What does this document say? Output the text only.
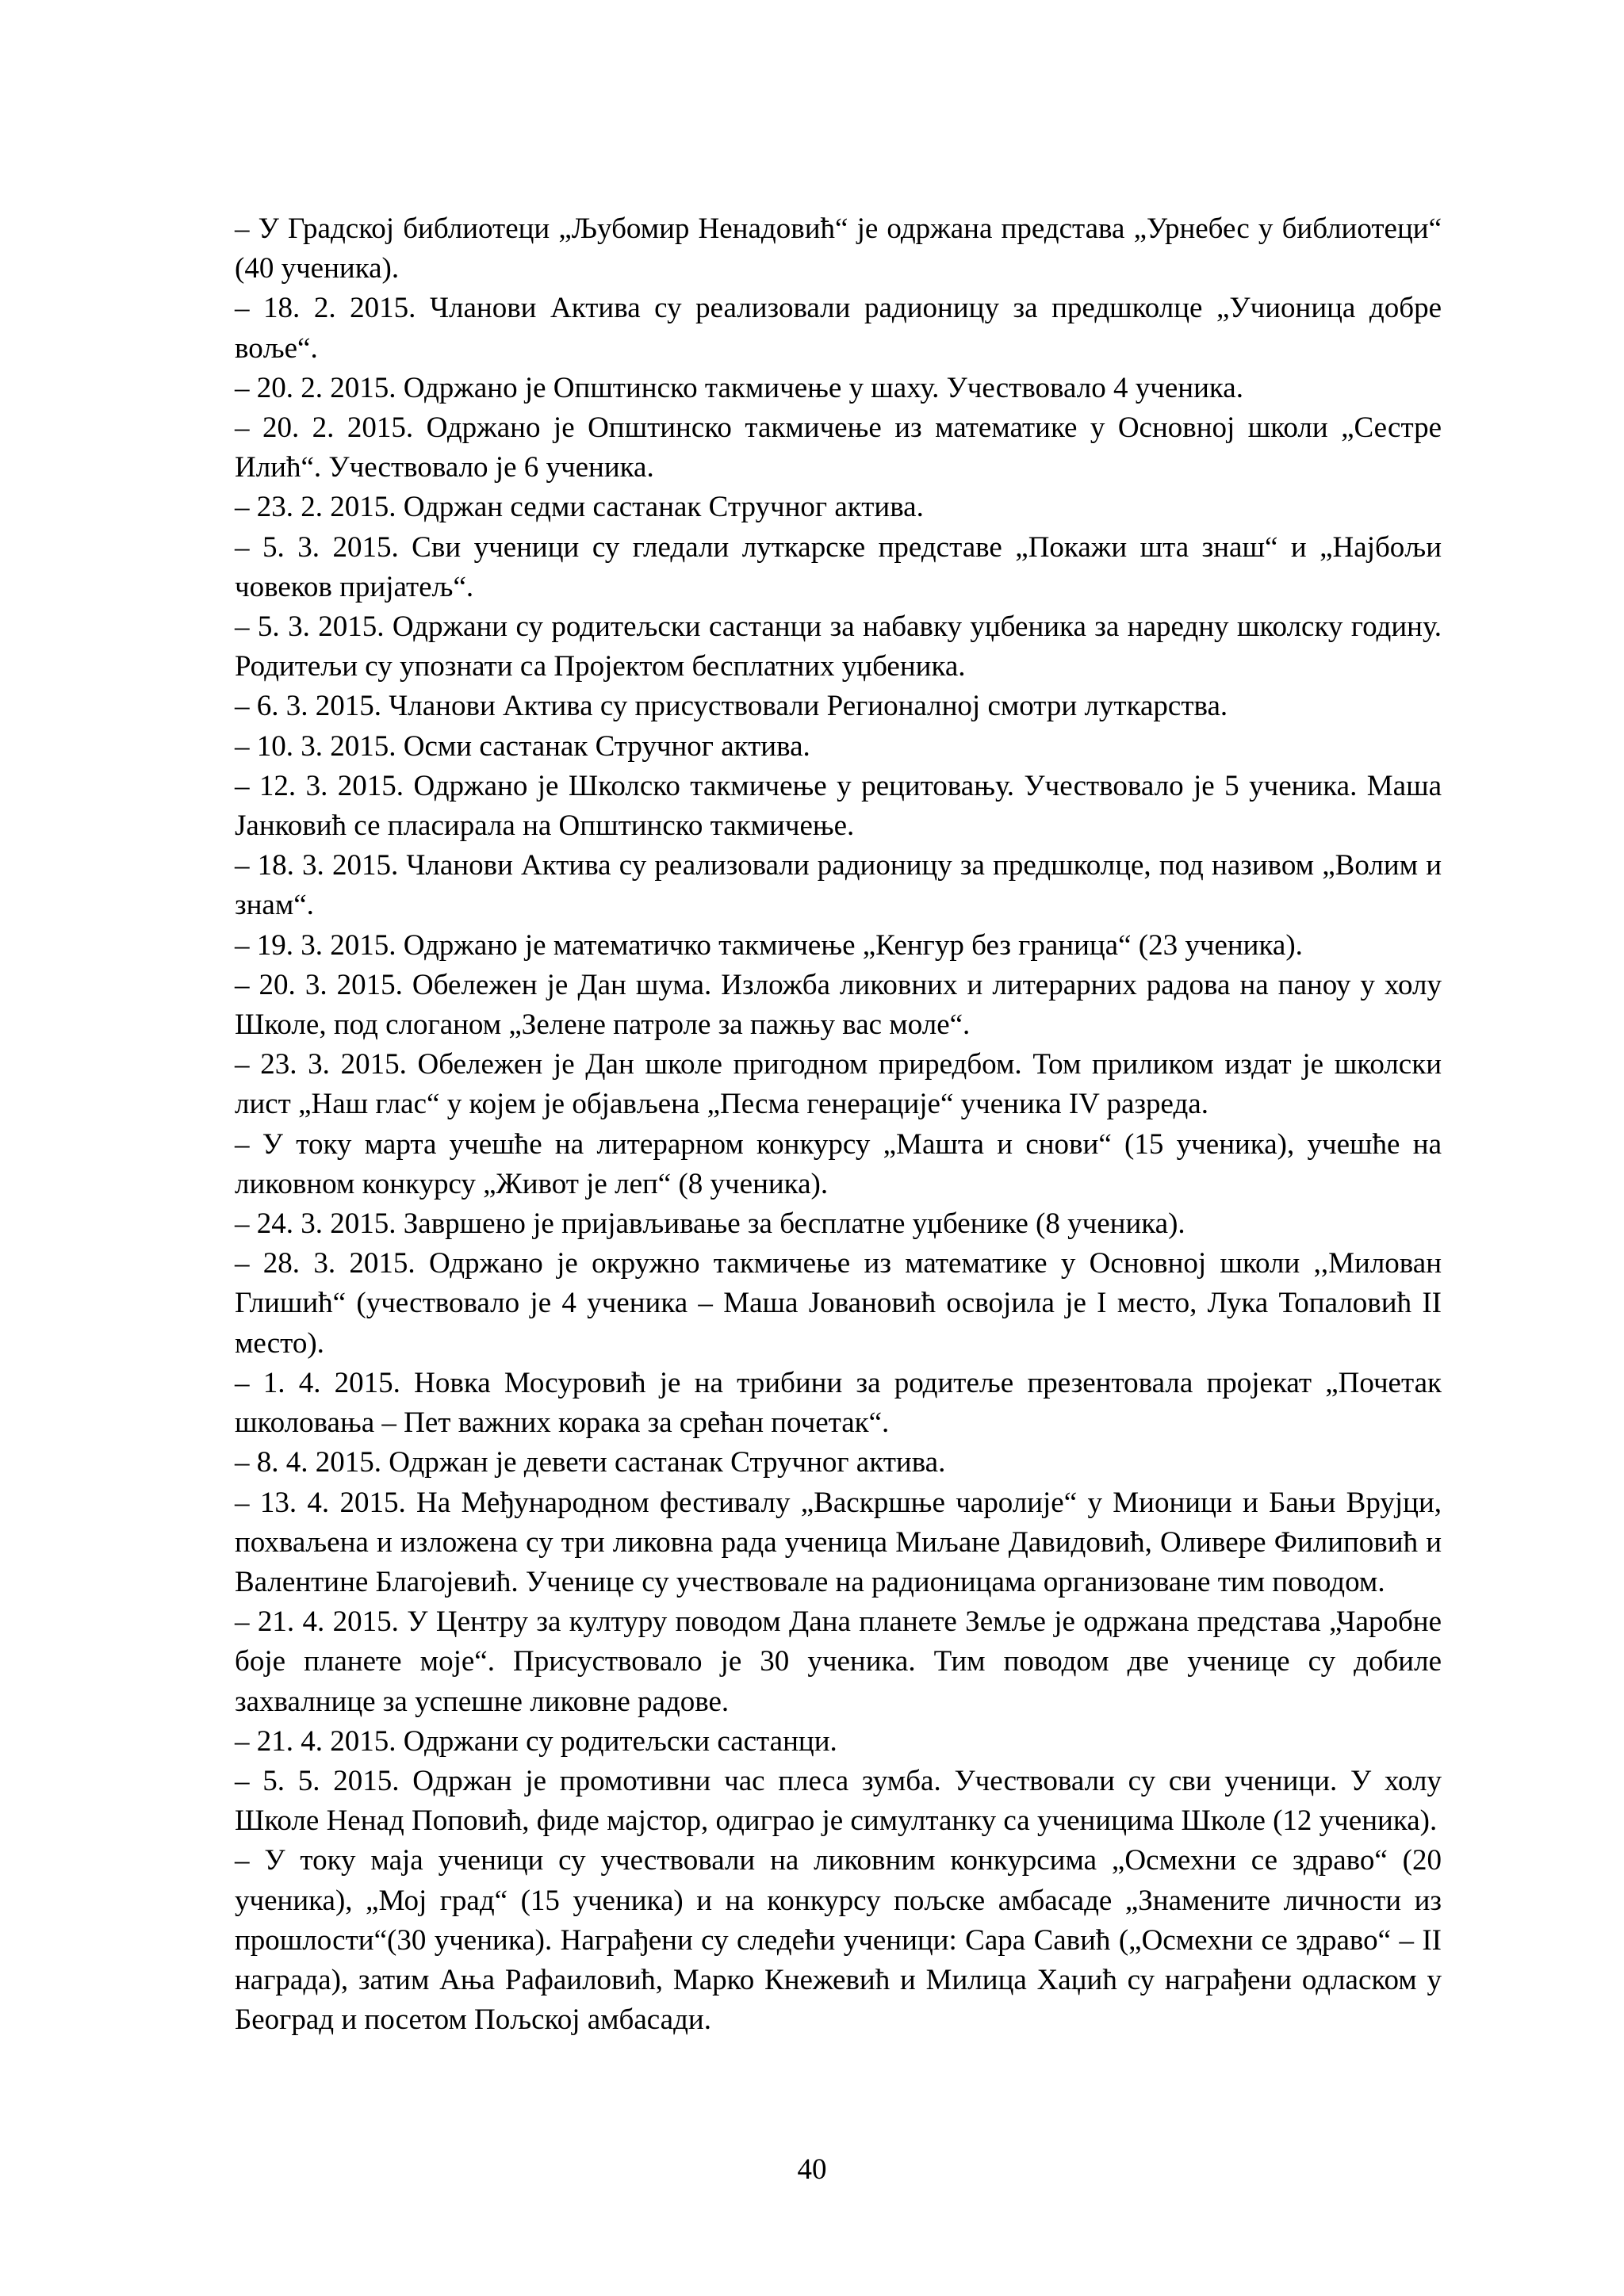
– У Градској библиотеци „Љубомир Ненадовић“ је одржана представа „Урнебес у библиотеци“ (40 ученика).

– 18. 2. 2015. Чланови Актива су реализовали радионицу за предшколце „Учионица добре воље“.

– 20. 2. 2015. Одржано је Општинско такмичење у шаху. Учествовало 4 ученика.

– 20. 2. 2015. Одржано је Општинско такмичење из математике у Основној школи „Сестре Илић“. Учествовало је 6 ученика.

– 23. 2. 2015. Одржан седми састанак Стручног актива.

– 5. 3. 2015. Сви ученици су гледали луткарске представе „Покажи шта знаш“ и „Најбољи човеков пријатељ“.

– 5. 3. 2015. Одржани су родитељски састанци за набавку уџбеника за наредну школску годину. Родитељи су упознати са Пројектом бесплатних уџбеника.

– 6. 3. 2015. Чланови Актива су присуствовали Регионалној смотри луткарства.

– 10. 3. 2015. Осми састанак Стручног актива.

– 12. 3. 2015. Одржано је Школско такмичење у рецитовању. Учествовало је 5 ученика. Маша Јанковић се пласирала на Општинско такмичење.

– 18. 3. 2015. Чланови Актива су реализовали радионицу за предшколце, под називом „Волим и знам“.

– 19. 3. 2015. Одржано је математичко такмичење „Кенгур без граница“ (23 ученика).

– 20. 3. 2015. Обележен је Дан шума. Изложба ликовних и литерарних радова на паноу у холу Школе, под слоганом „Зелене патроле за пажњу вас моле“.

– 23. 3. 2015. Обележен је Дан школе пригодном приредбом. Том приликом издат је школски лист „Наш глас“ у којем је објављена „Песма генерације“ ученика IV разреда.

– У току марта учешће на литерарном конкурсу „Машта и снови“ (15 ученика), учешће на ликовном конкурсу „Живот је леп“ (8 ученика).

– 24. 3. 2015. Завршено је пријављивање за бесплатне уџбенике (8 ученика).

– 28. 3. 2015. Одржано је окружно такмичење из математике у Основној школи ,,Милован Глишић“ (учествовало је 4 ученика – Маша Јовановић освојила је I место, Лука Топаловић II место).

– 1. 4. 2015. Новка Мосуровић је на трибини за родитеље презентовала пројекат „Почетак школовања – Пет важних корака за срећан почетак“.

– 8. 4. 2015. Одржан је девети састанак Стручног актива.

– 13. 4. 2015. На Међународном фестивалу „Васкршње чаролије“ у Мионици и Бањи Врујци, похваљена и изложена су три ликовна рада ученица Миљане Давидовић, Оливере Филиповић и Валентине Благојевић. Ученице су учествовале на радионицама организоване тим поводом.

– 21. 4. 2015. У Центру за културу поводом Дана планете Земље је одржана представа „Чаробне боје планете моје“. Присуствовало је 30 ученика. Тим поводом две ученице су добиле захвалнице за успешне ликовне радове.

– 21. 4. 2015. Одржани су родитељски састанци.

– 5. 5. 2015. Одржан је промотивни час плеса зумба. Учествовали су сви ученици. У холу Школе Ненад Поповић, фиде мајстор, одиграо је симултанку са ученицима Школе (12 ученика).

– У току маја ученици су учествовали на ликовним конкурсима „Осмехни се здраво“ (20 ученика), „Мој град“ (15 ученика) и на конкурсу пољске амбасаде „Знамените личности из прошлости“(30 ученика). Награђени су следећи ученици: Сара Савић („Осмехни се здраво“ – II награда), затим Ања Рафаиловић, Марко Кнежевић и Милица Хаџић су награђени одласком у Београд и посетом Пољској амбасади.

40
